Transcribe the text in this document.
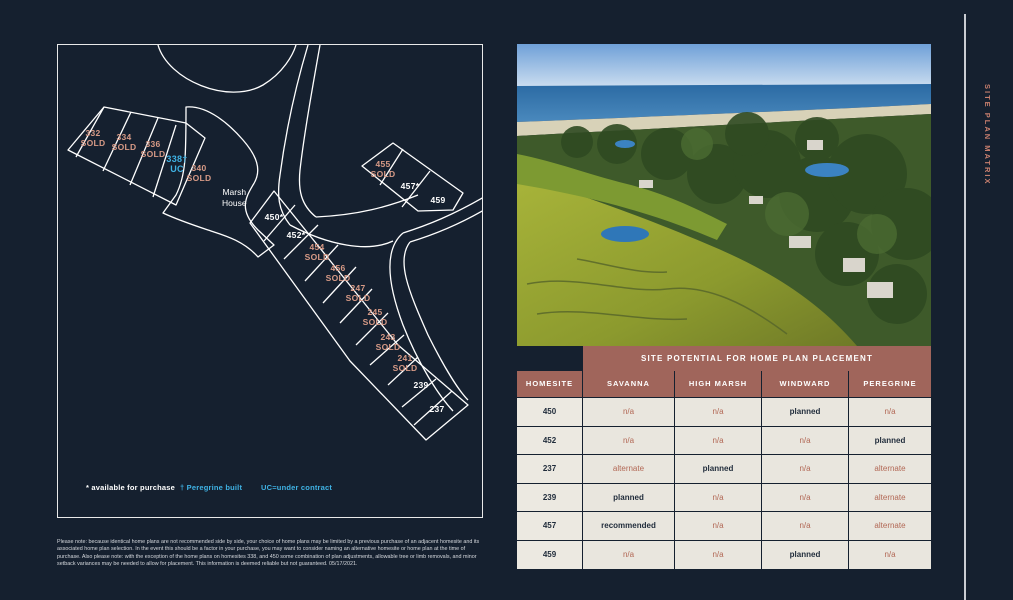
332
SOLD
334
SOLD	336
SOLD 338†
UC 340
SOLD
Marsh
House
455
SOLD
457*
459
450*
452*
454
SOLD
456
SOLD
247
SOLD
245
SOLD
243
SOLD
241
SOLD
239
237
* available for purchase † Peregrine built	UC=under contract
Please note: because identical home plans are not recommended side by side, your choice of home plans may be limited by a previous purchase of an adjacent homesite and its associated home plan selection. In the event this should be a factor in your purchase, you may want to consider naming an alternative homesite or home plan at the time of purchase. Also please note: with the exception of the home plans on homesites 338, and 450 some combination of plan adjustments, allowable tree or limb removals, and minor setback variances may be needed to allow for placement. This information is deemed reliable but not guaranteed. 05/17/2021.
SITE POTENTIAL FOR HOME PLAN PLACEMENT
HOMESITE	SAVANNA	HIGH MARSH	WINDWARD	PEREGRINE
450	n/a	n/a	planned	n/a
452	n/a	n/a	n/a	planned
237	alternate	planned	n/a	alternate
239	planned	n/a	n/a	alternate
457	recommended	n/a	n/a	alternate
459	n/a	n/a	planned	n/a
SITE PLAN MATRIX
